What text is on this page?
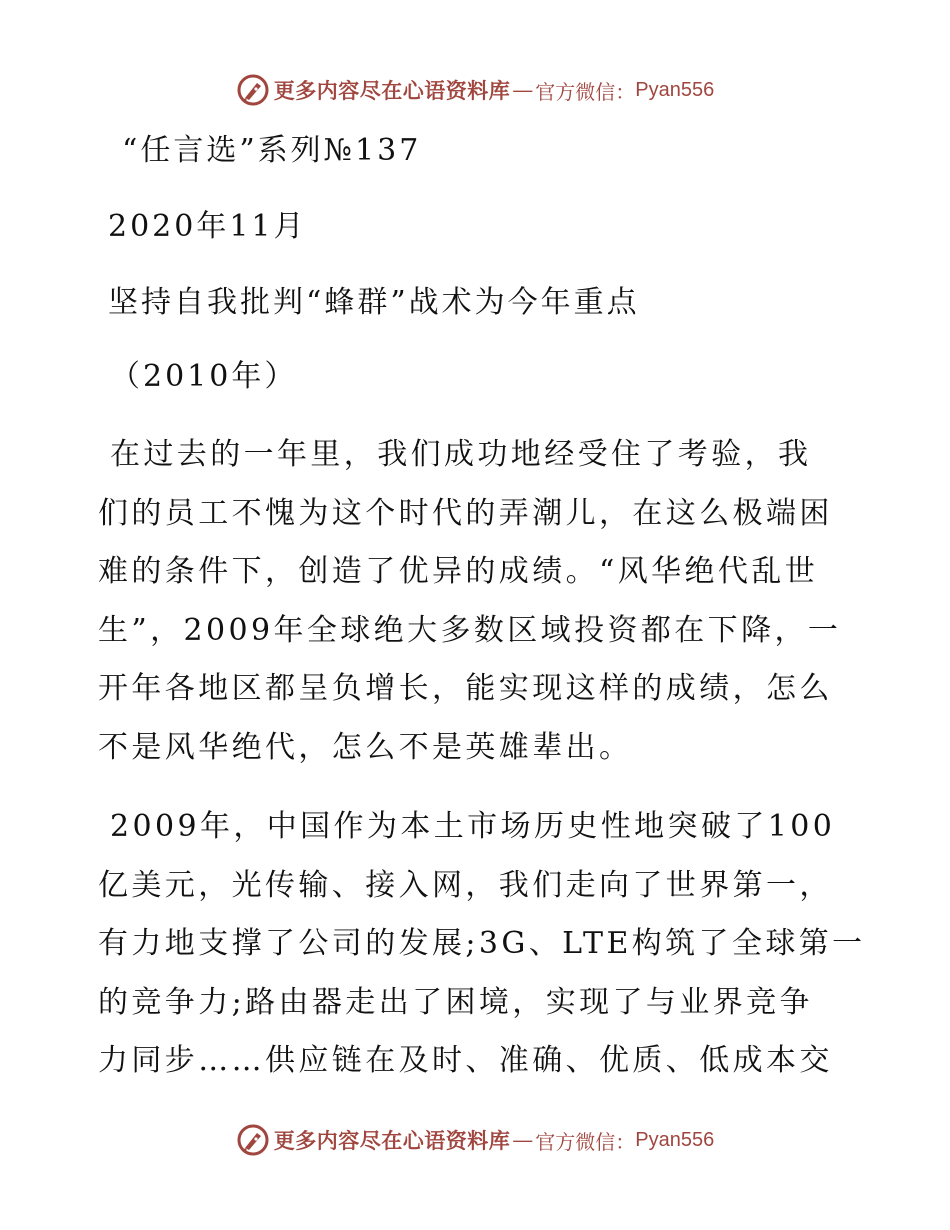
更多内容尽在心语资料库 — 官方微信： Pyan556

“任言选”系列№137

2020年11月

坚持自我批判“蜂群”战术为今年重点

（2010年）

在过去的一年里，我们成功地经受住了考验，我
们的员工不愧为这个时代的弄潮儿，在这么极端困
难的条件下，创造了优异的成绩。“风华绝代乱世
生”，2009年全球绝大多数区域投资都在下降，一
开年各地区都呈负增长，能实现这样的成绩，怎么
不是风华绝代，怎么不是英雄辈出。
2009年，中国作为本土市场历史性地突破了100
亿美元，光传输、接入网，我们走向了世界第一，
有力地支撑了公司的发展;3G、LTE构筑了全球第一
的竞争力;路由器走出了困境，实现了与业界竞争
力同步……供应链在及时、准确、优质、低成本交
更多内容尽在心语资料库 — 官方微信： Pyan556
